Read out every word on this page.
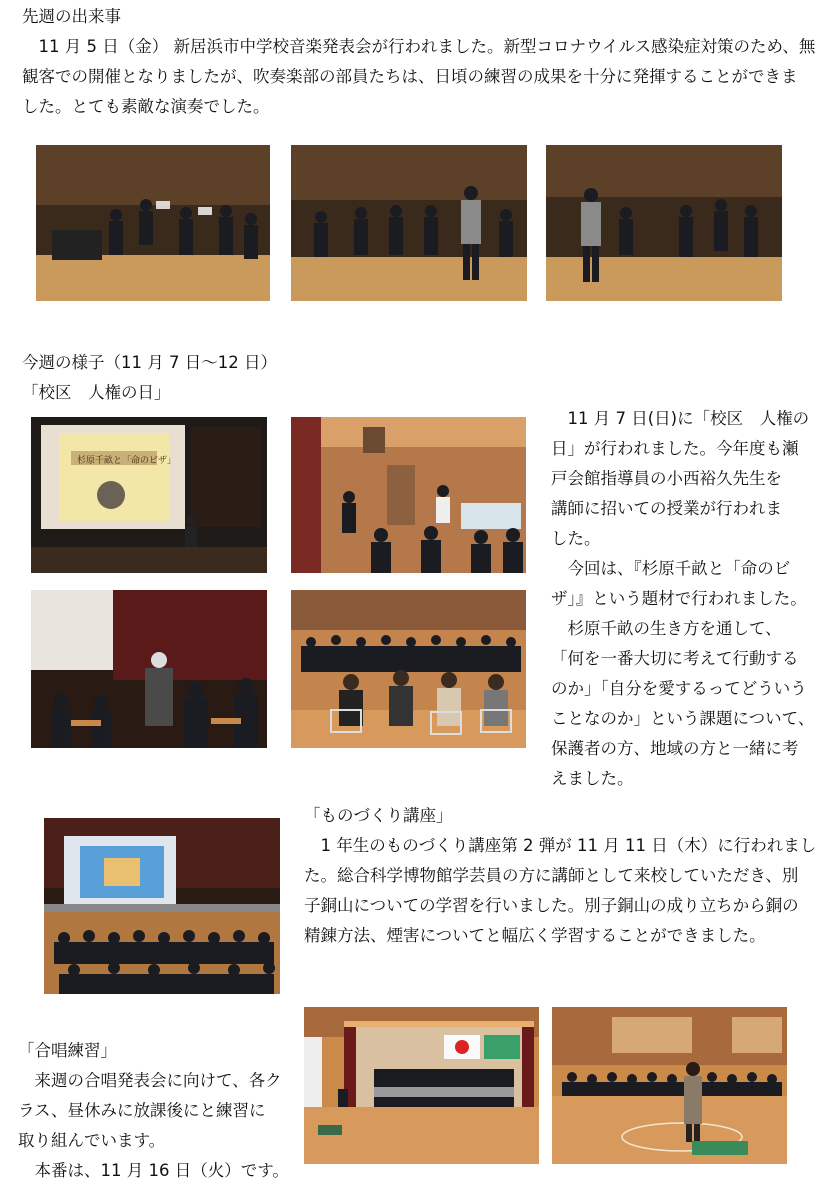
先週の出来事
　11 月 5 日（金） 新居浜市中学校音楽発表会が行われました。新型コロナウイルス感染症対策のため、無
観客での開催となりましたが、吹奏楽部の部員たちは、日頃の練習の成果を十分に発揮することができま
した。とても素敵な演奏でした。
今週の様子（11 月 7 日～12 日）
「校区　人権の日」
杉原千畝と「命のビザ」
　11 月 7 日(日)に「校区　人権の
日」が行われました。今年度も瀬
戸会館指導員の小西裕久先生を
講師に招いての授業が行われま
した。
　今回は、『杉原千畝と「命のビ
ザ」』という題材で行われました。
　杉原千畝の生き方を通して、
「何を一番大切に考えて行動する
のか」「自分を愛するってどういう
ことなのか」という課題について、
保護者の方、地域の方と一緒に考
えました。
「ものづくり講座」
　1 年生のものづくり講座第 2 弾が 11 月 11 日（木）に行われまし
た。総合科学博物館学芸員の方に講師として来校していただき、別
子銅山についての学習を行いました。別子銅山の成り立ちから銅の
精錬方法、煙害についてと幅広く学習することができました。
「合唱練習」
　来週の合唱発表会に向けて、各ク
ラス、昼休みに放課後にと練習に
取り組んでいます。
　本番は、11 月 16 日（火）です。
